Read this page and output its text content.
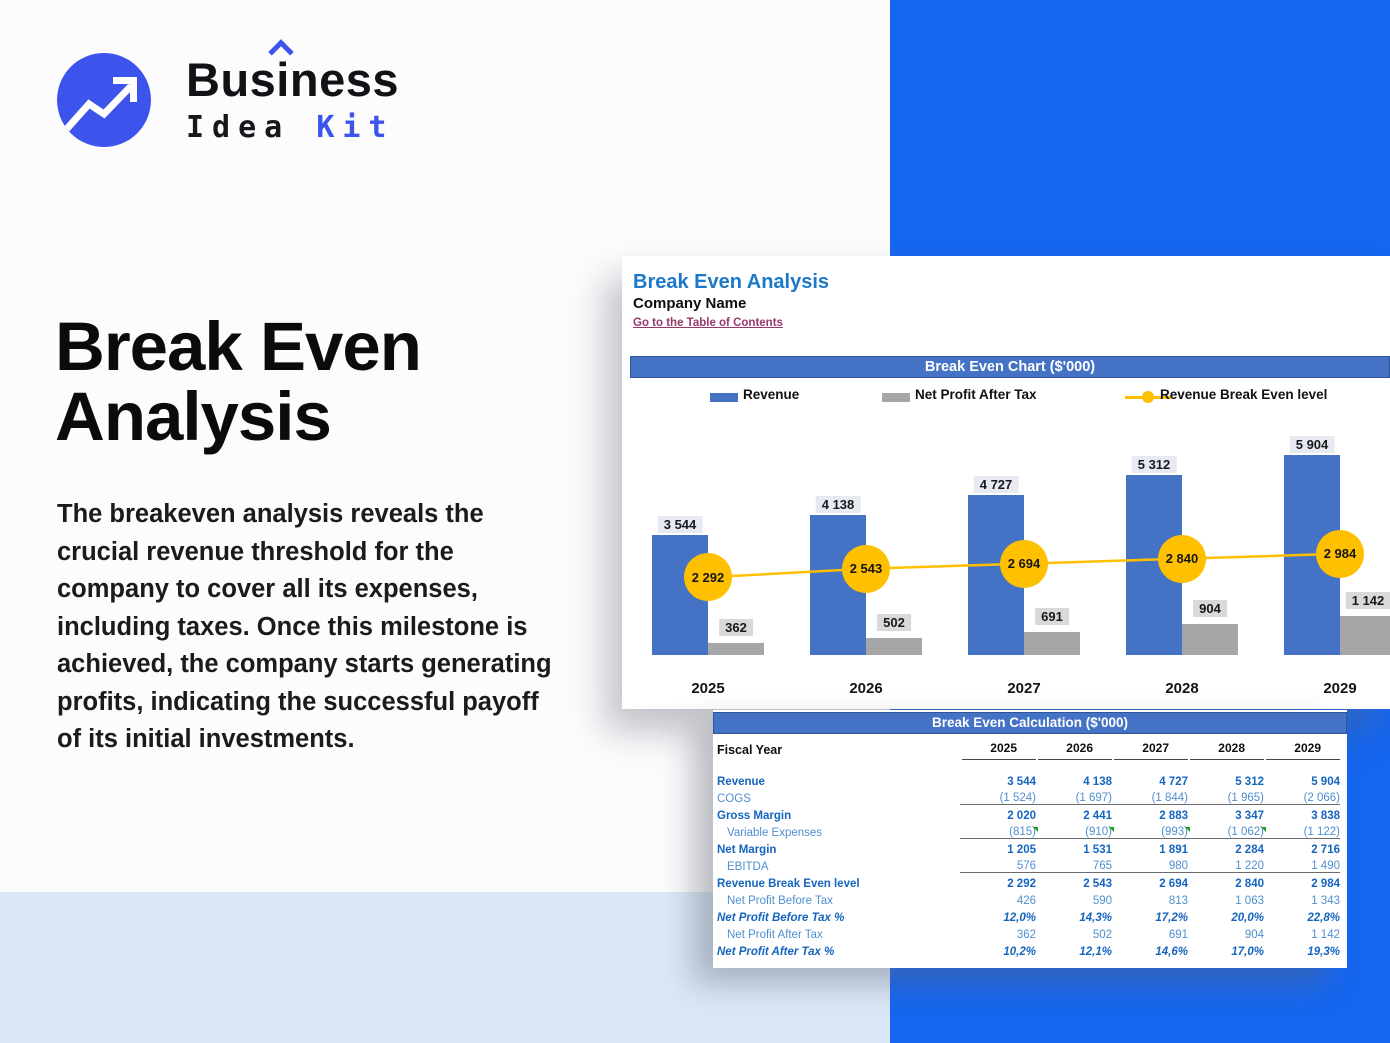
Bus
iness
Idea Kit
Break Even
Analysis
The breakeven analysis reveals the crucial revenue threshold for the company to cover all its expenses, including taxes. Once this milestone is achieved, the company starts generating profits, indicating the successful payoff of its initial investments.
Break Even Analysis
Company Name
Go to the Table of Contents
Break Even Chart ($'000)
Revenue	Net Profit After Tax	Revenue Break Even level
3 544
362
2025
4 138
502
2026
4 727
691
2027
5 312
904
2028
5 904
1 142
2029
2 292
2 543	2 694	2 840	2 984
Break Even Calculation ($'000)
Fiscal Year	2025	2026	2027	2028	2029
Revenue	3 544	4 138	4 727	5 312	5 904
COGS	(1 524)	(1 697)	(1 844)	(1 965)	(2 066)
Gross Margin	2 020	2 441	2 883	3 347	3 838
Variable Expenses	(815)	(910)	(993)	(1 062)	(1 122)
Net Margin	1 205	1 531	1 891	2 284	2 716
EBITDA	576	765	980	1 220	1 490
Revenue Break Even level	2 292	2 543	2 694	2 840	2 984
Net Profit Before Tax	426	590	813	1 063	1 343
Net Profit Before Tax %	12,0%	14,3%	17,2%	20,0%	22,8%
Net Profit After Tax	362	502	691	904	1 142
Net Profit After Tax %	10,2%	12,1%	14,6%	17,0%	19,3%
